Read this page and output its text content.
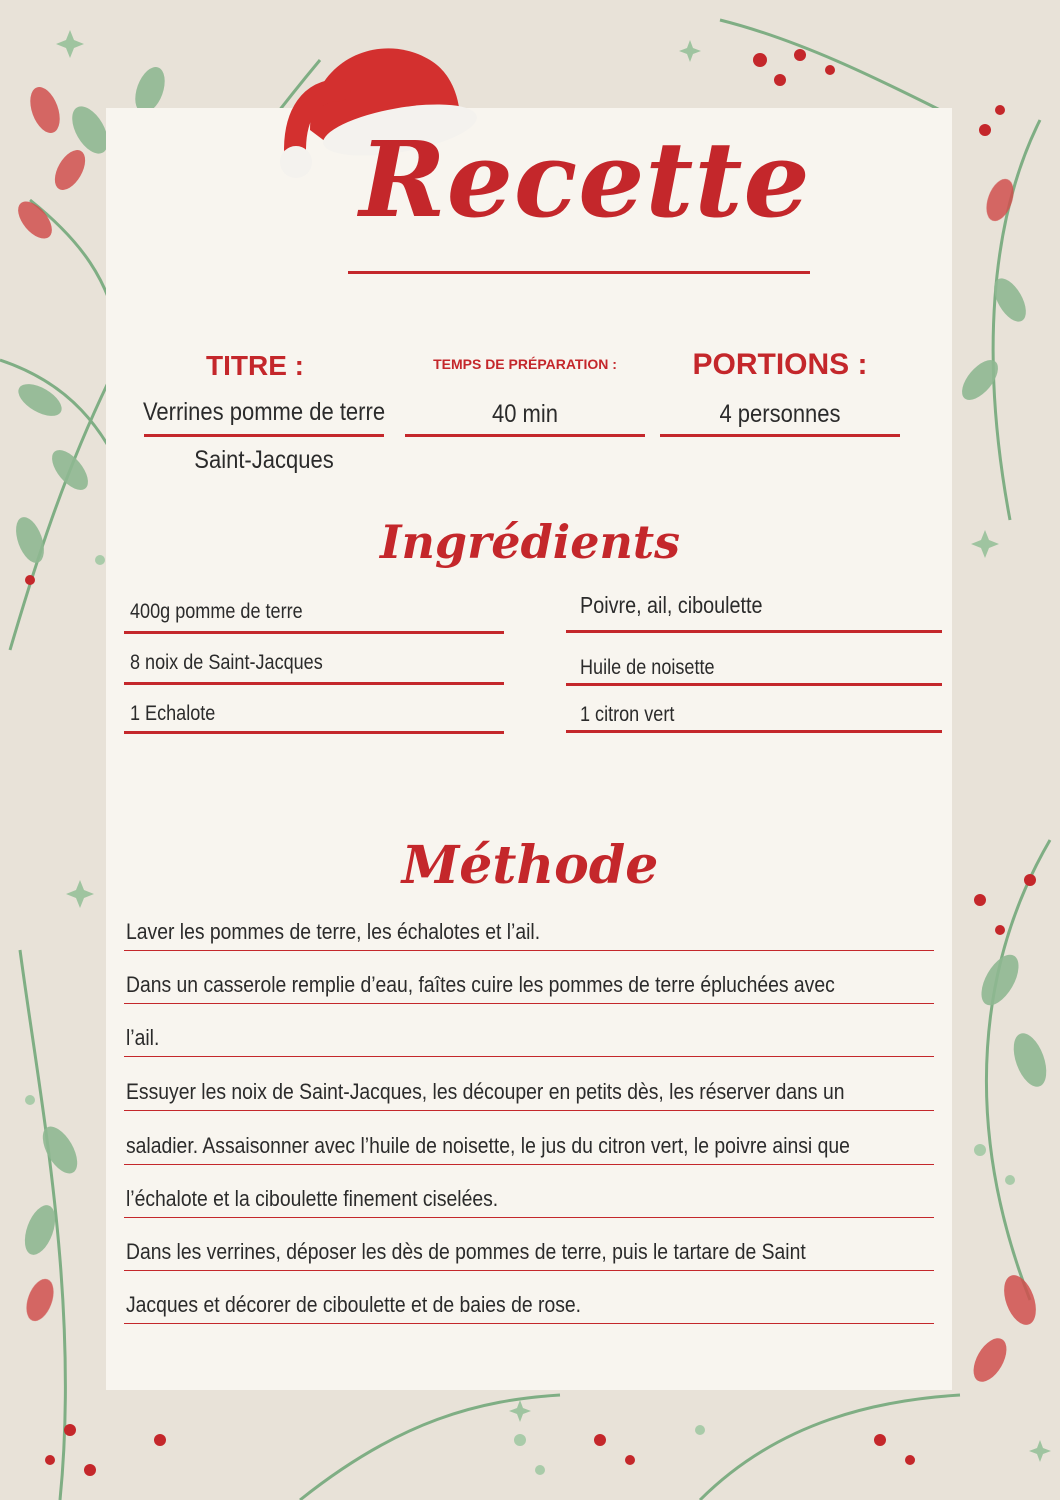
Recette
TITRE :
Verrines pomme de terre
Saint-Jacques
TEMPS DE PRÉPARATION :
40 min
PORTIONS :
4 personnes
Ingrédients
400g pomme de terre
8 noix de Saint-Jacques
1 Echalote
Poivre, ail, ciboulette
Huile de noisette
1 citron vert
Méthode
Laver les pommes de terre, les échalotes et l’ail.
Dans un casserole remplie d’eau, faîtes cuire les pommes de terre épluchées avec
l’ail.
Essuyer les noix de Saint-Jacques, les découper en petits dès, les réserver dans un
saladier. Assaisonner avec l’huile de noisette, le jus du citron vert, le poivre ainsi que
l’échalote et la ciboulette finement ciselées.
Dans les verrines, déposer les dès de pommes de terre, puis le tartare de Saint
Jacques et décorer de ciboulette et de baies de rose.
